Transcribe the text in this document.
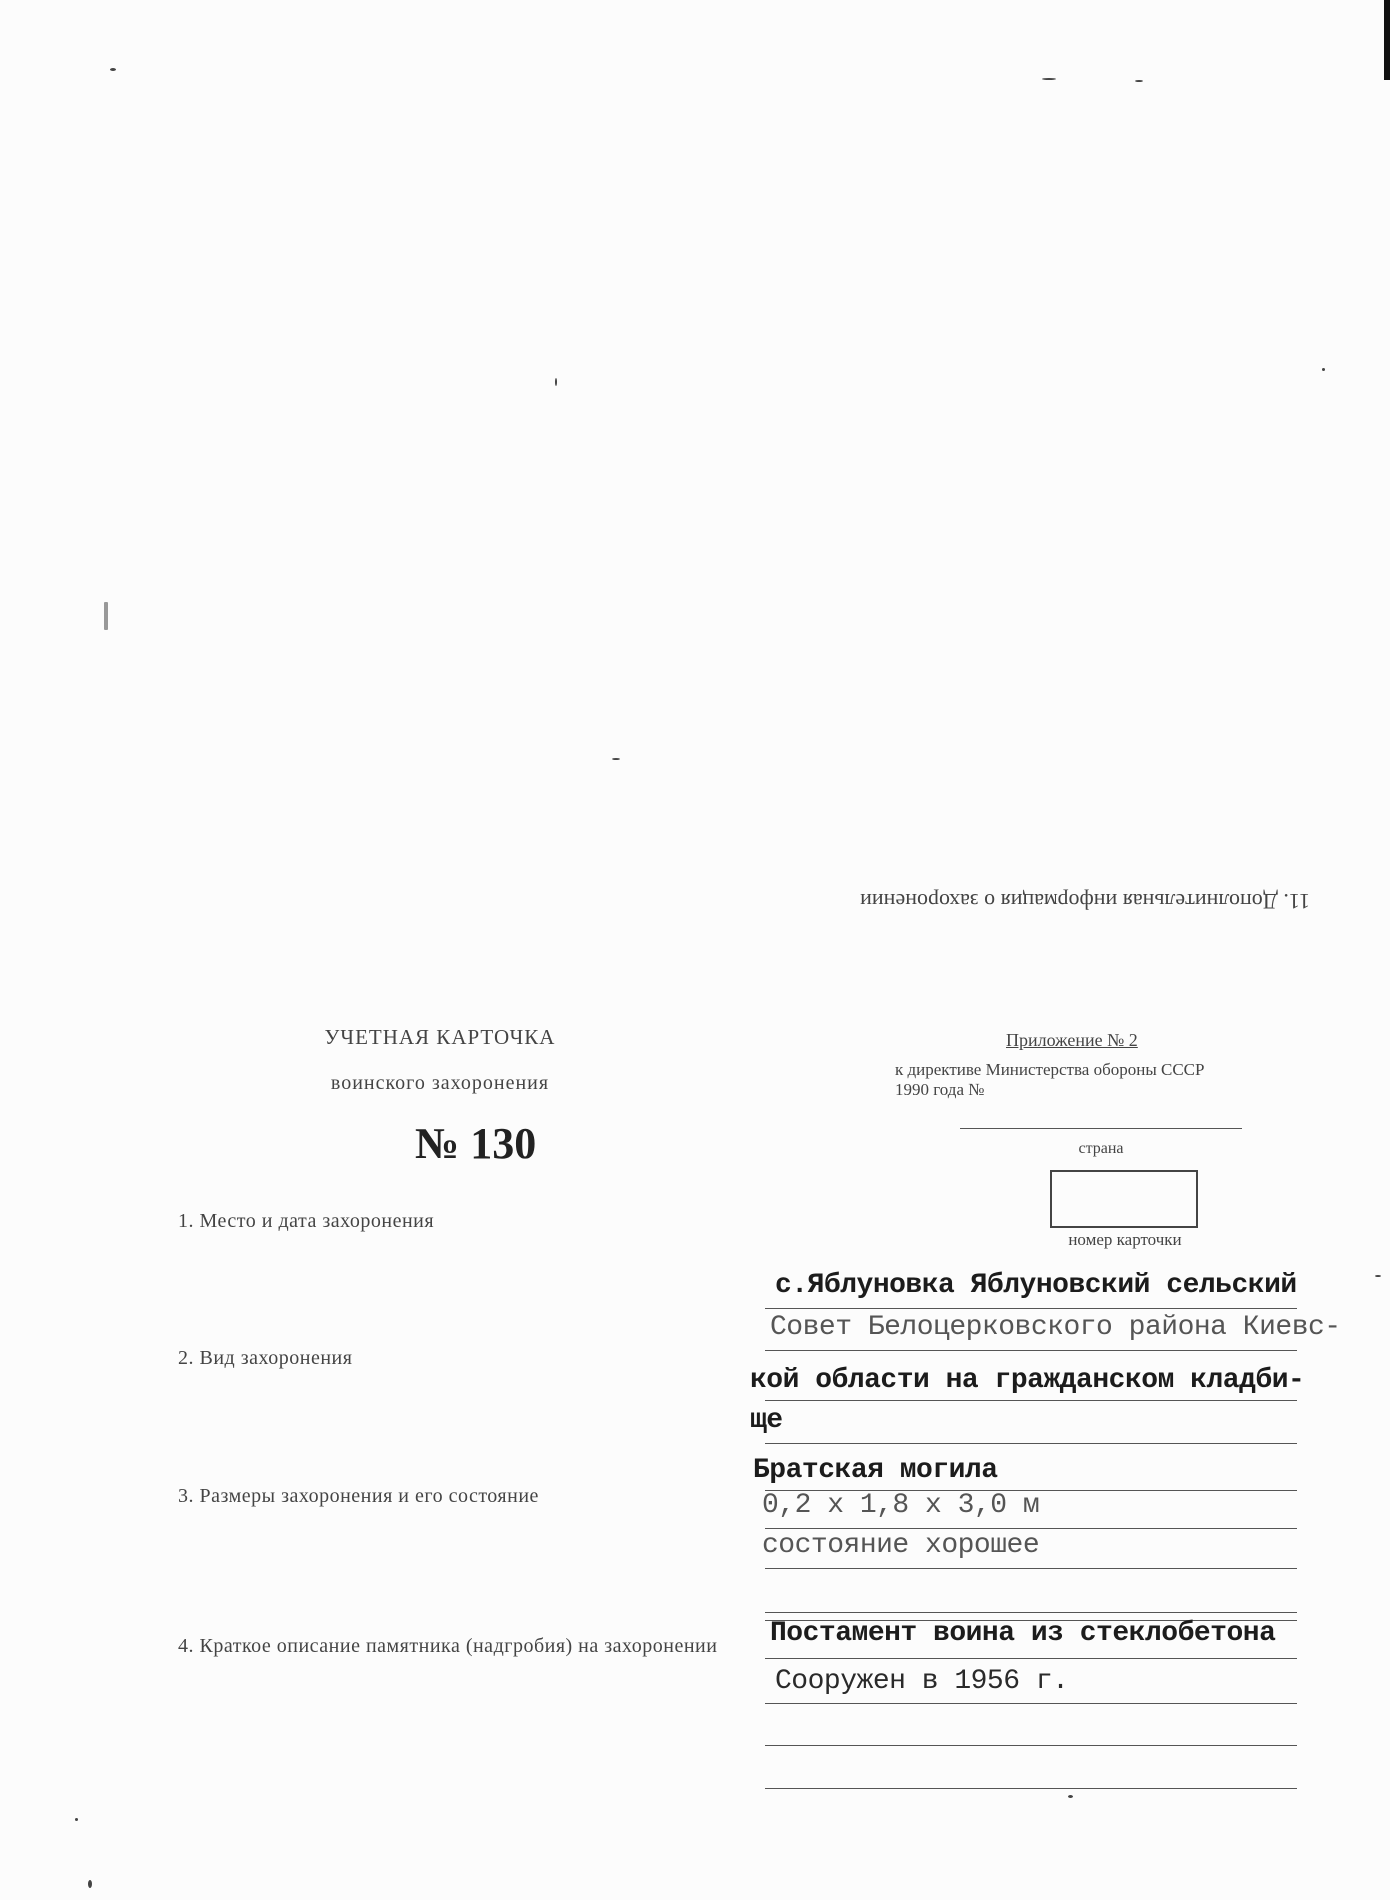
11. Дополнительная информация о захоронении
УЧЕТНАЯ КАРТОЧКА
воинского захоронения
№ 130
Приложение № 2
к директиве Министерства обороны СССР
1990 года №
страна
номер карточки
1. Место и дата захоронения
2. Вид захоронения
3. Размеры захоронения и его состояние
4. Краткое описание памятника (надгробия) на захоронении
с.Яблуновка Яблуновский сельский
Совет Белоцерковского района Киевс-
кой области на гражданском кладби-
ще
Братская могила
0,2 х 1,8 х 3,0 м
состояние хорошее
Постамент воина из стеклобетона
Сооружен в 1956 г.
